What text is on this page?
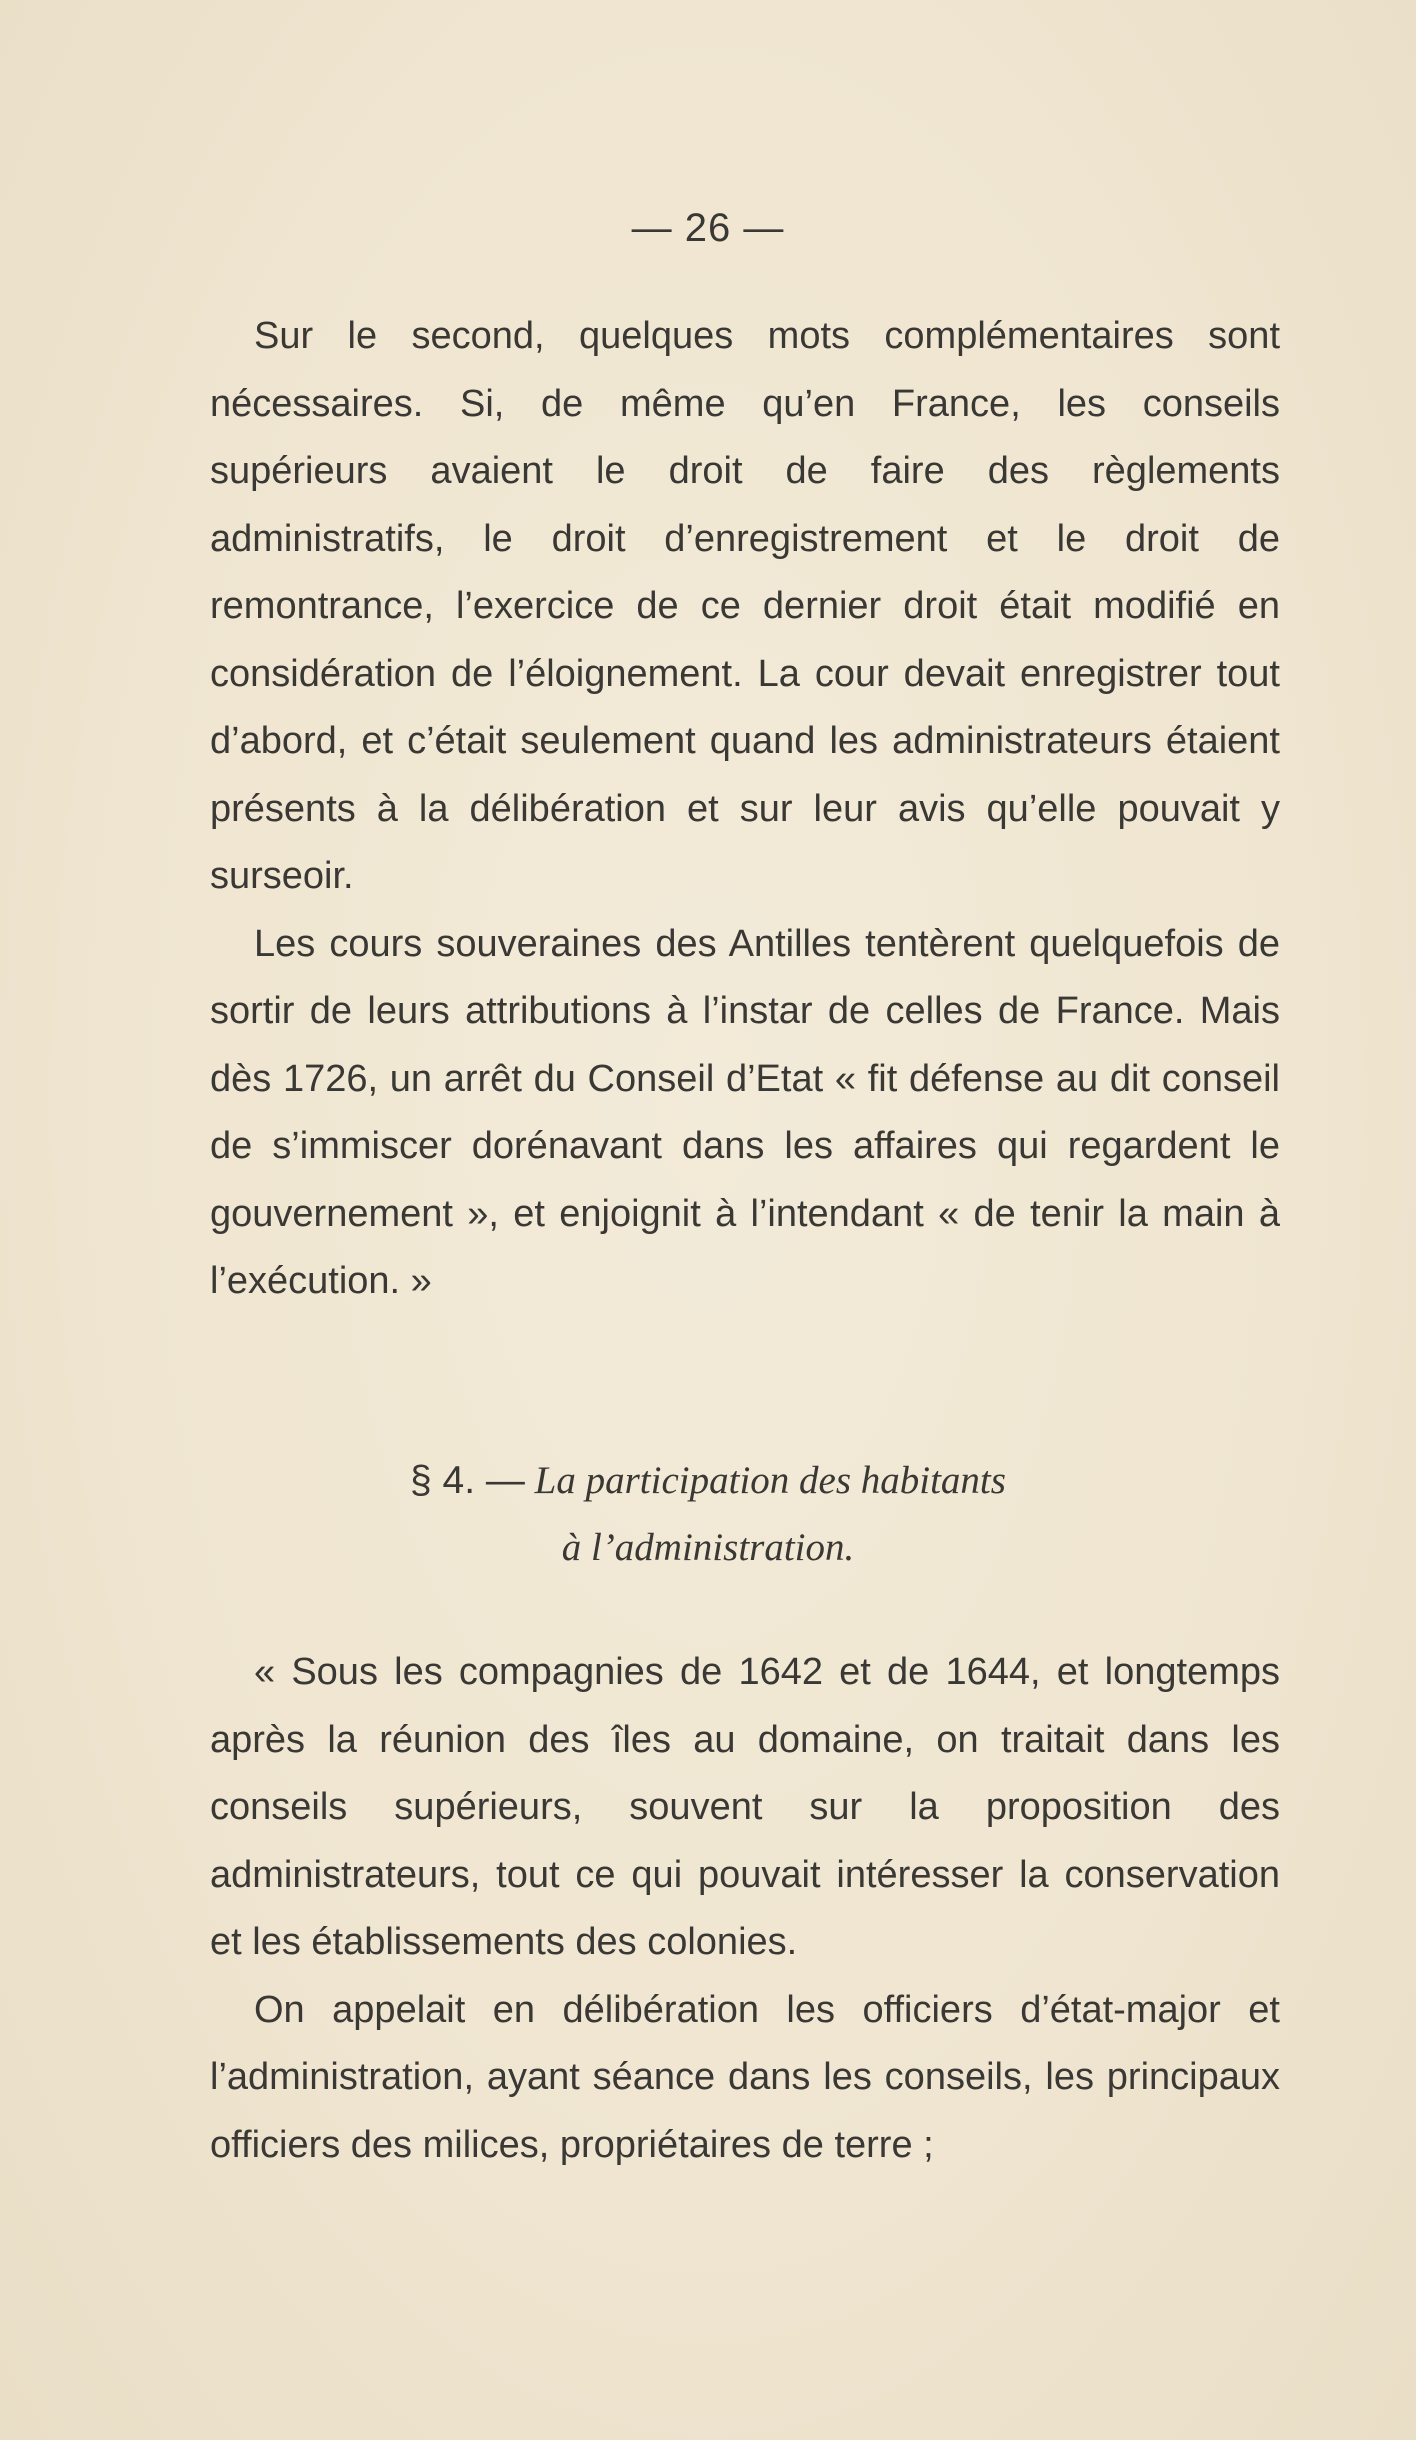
— 26 —

Sur le second, quelques mots complémentaires sont nécessaires. Si, de même qu’en France, les conseils supérieurs avaient le droit de faire des règlements administratifs, le droit d’enregistrement et le droit de remontrance, l’exercice de ce dernier droit était modifié en considération de l’éloignement. La cour devait enregistrer tout d’abord, et c’était seulement quand les administrateurs étaient présents à la délibération et sur leur avis qu’elle pouvait y surseoir.

Les cours souveraines des Antilles tentèrent quelquefois de sortir de leurs attributions à l’instar de celles de France. Mais dès 1726, un arrêt du Conseil d’Etat « fit défense au dit conseil de s’immiscer dorénavant dans les affaires qui regardent le gouvernement », et enjoignit à l’intendant « de tenir la main à l’exécution. »

§ 4. — La participation des habitants
à l’administration.

« Sous les compagnies de 1642 et de 1644, et longtemps après la réunion des îles au domaine, on traitait dans les conseils supérieurs, souvent sur la proposition des administrateurs, tout ce qui pouvait intéresser la conservation et les établissements des colonies.

On appelait en délibération les officiers d’état-major et l’administration, ayant séance dans les conseils, les principaux officiers des milices, propriétaires de terre ;
